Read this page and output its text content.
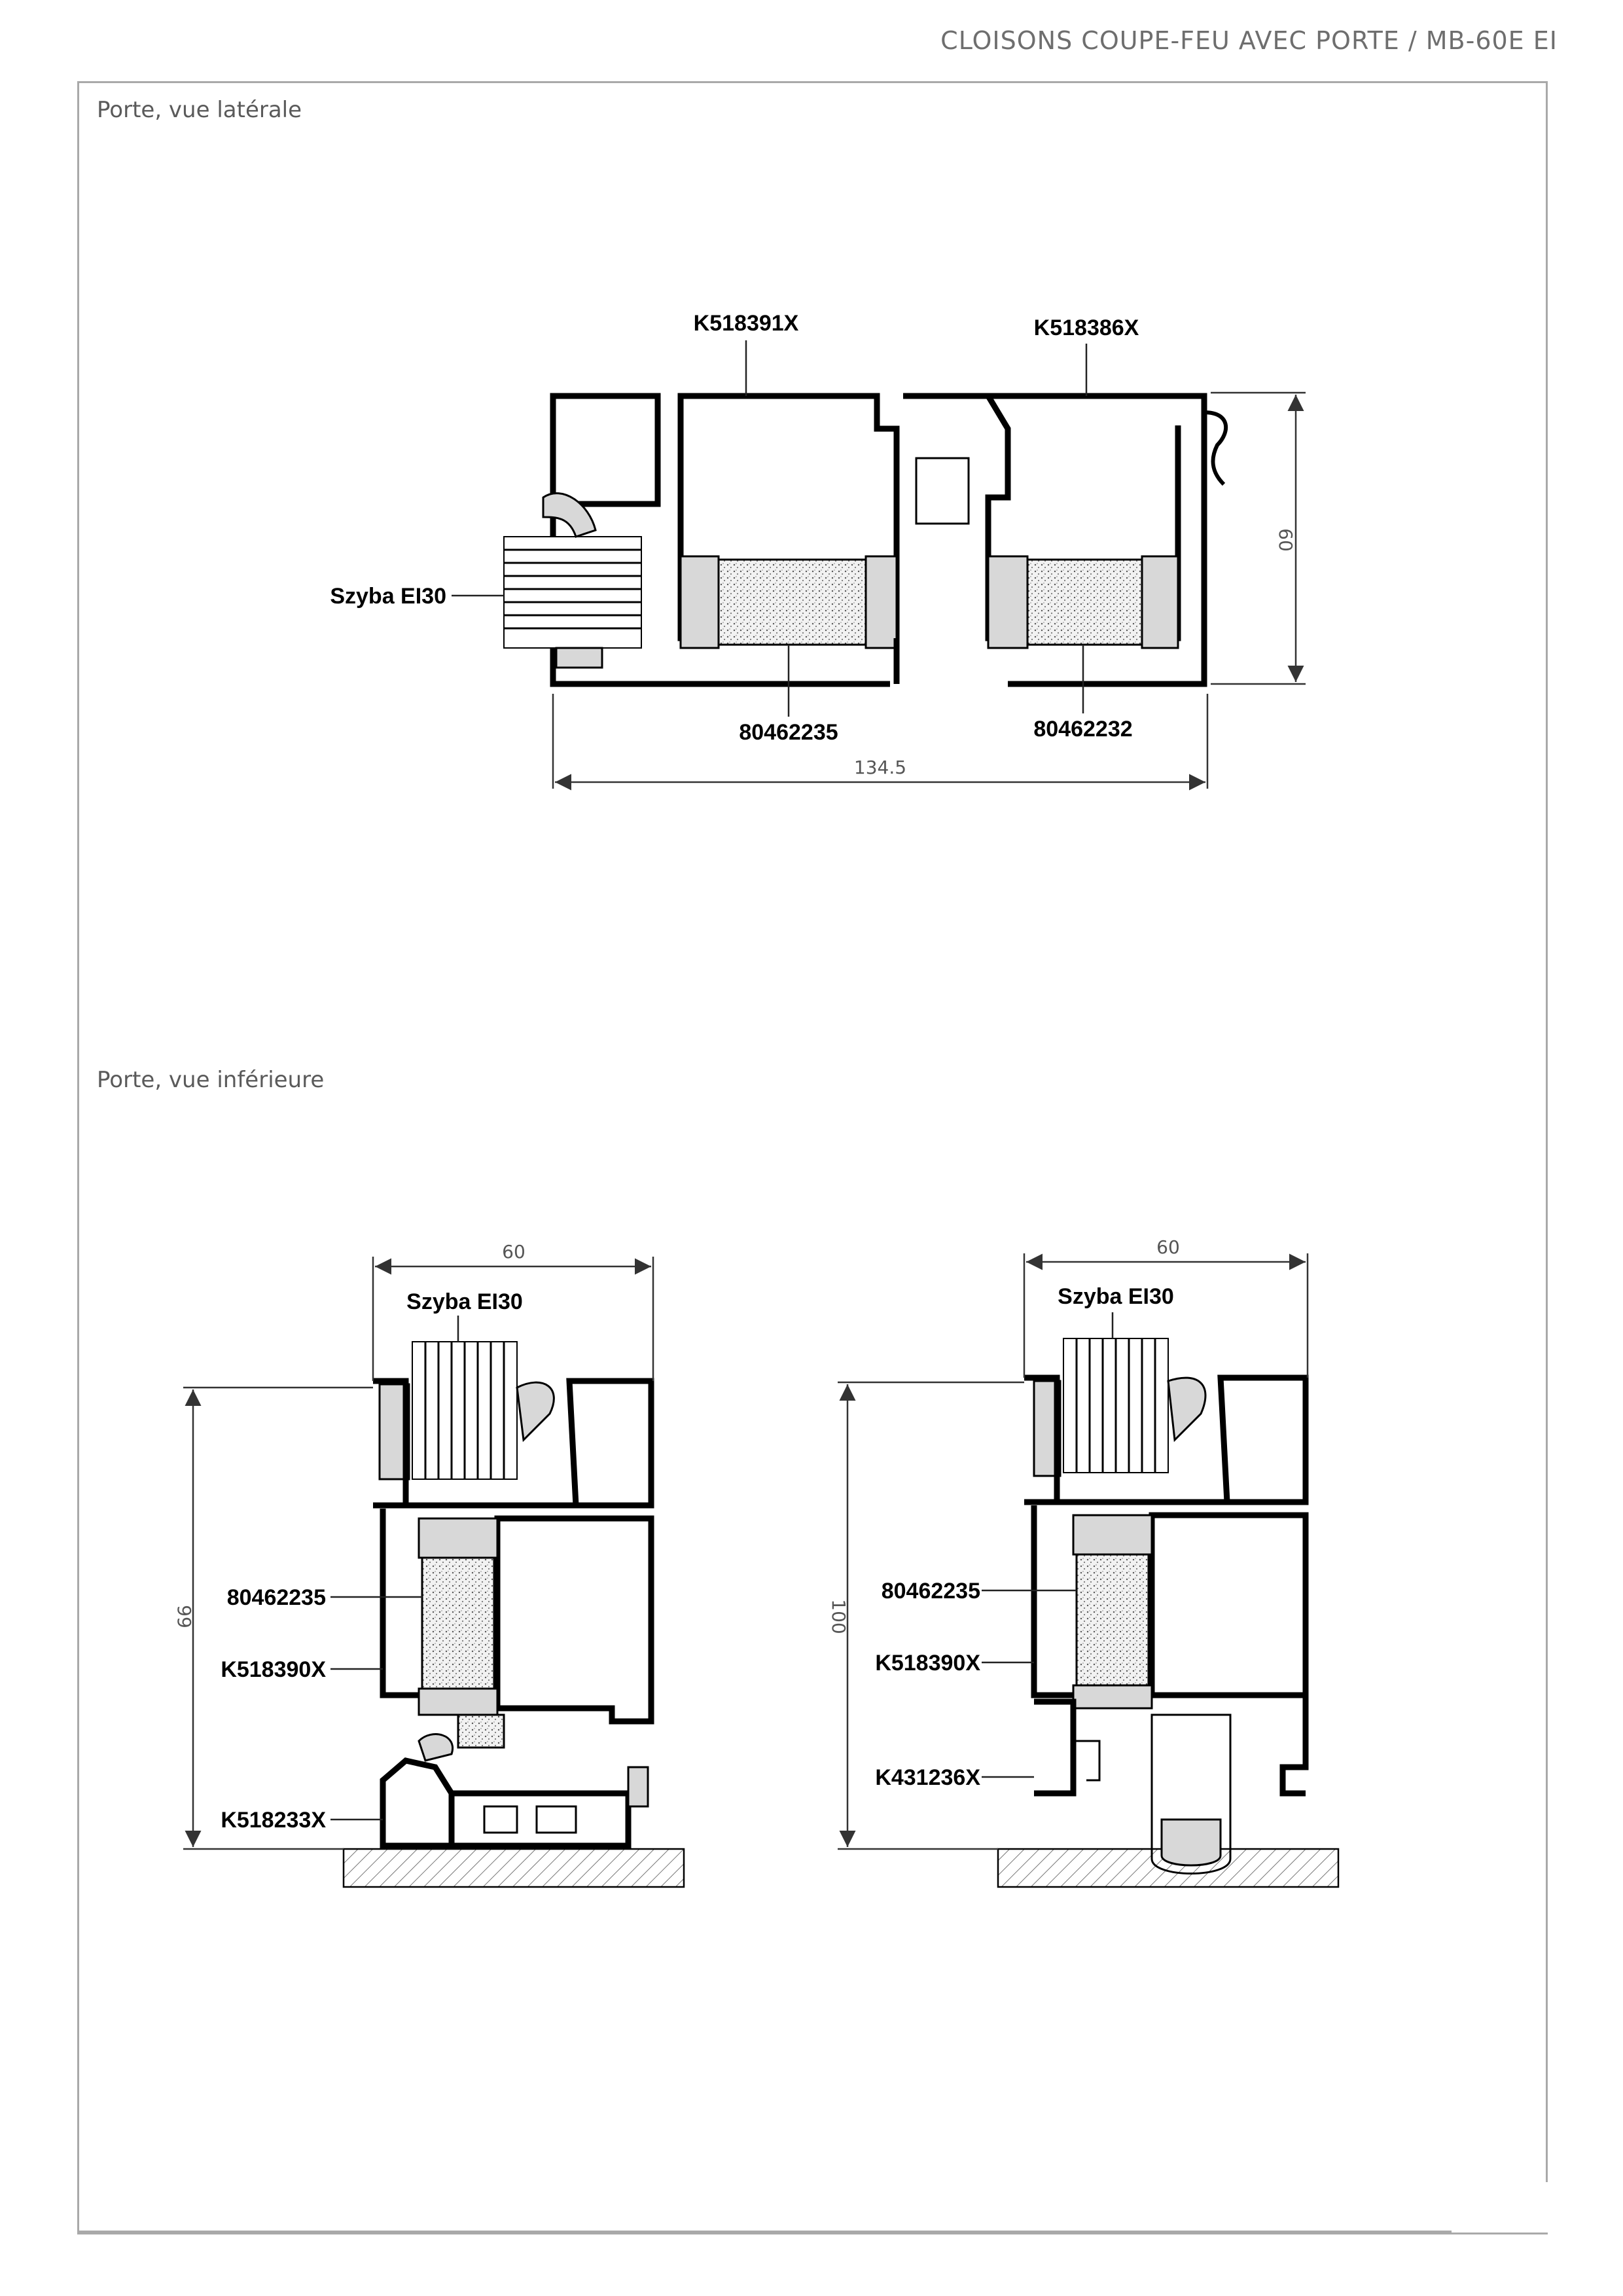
CLOISONS COUPE-FEU AVEC PORTE / MB-60E EI
Porte, vue latérale
Porte, vue inférieure
K518391X	K518386X
Szyba EI30
80462235	80462232
134.5
60
Szyba EI30
80462235
K518390X
K518233X
60
99
Szyba EI30
80462235
K518390X
K431236X
60
100
